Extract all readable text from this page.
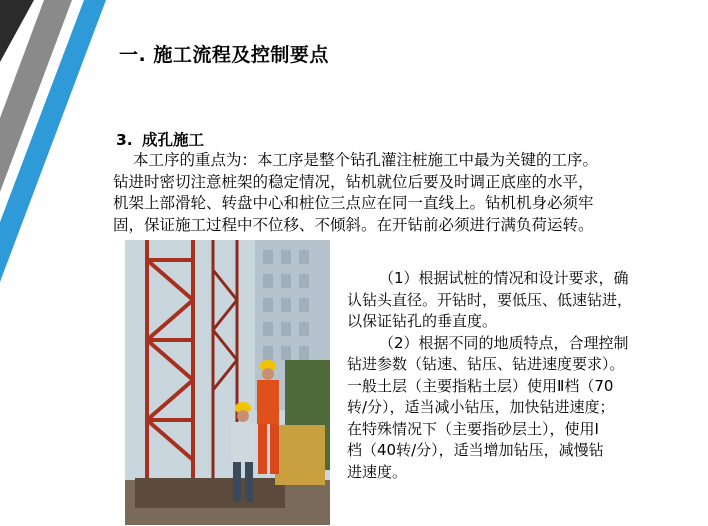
一. 施工流程及控制要点
3. 成孔施工
本工序的重点为：本工序是整个钻孔灌注桩施工中最为关键的工序。
钻进时密切注意桩架的稳定情况，钻机就位后要及时调正底座的水平，
机架上部滑轮、转盘中心和桩位三点应在同一直线上。钻机机身必须牢
固，保证施工过程中不位移、不倾斜。在开钻前必须进行满负荷运转。
（1）根据试桩的情况和设计要求，确
认钻头直径。开钻时，要低压、低速钻进，
以保证钻孔的垂直度。
（2）根据不同的地质特点，合理控制
钻进参数（钻速、钻压、钻进速度要求）。
一般土层（主要指粘土层）使用Ⅱ档（70
转/分），适当减小钻压，加快钻进速度；
在特殊情况下（主要指砂层土），使用Ⅰ
档（40转/分），适当增加钻压，减慢钻
进速度。
